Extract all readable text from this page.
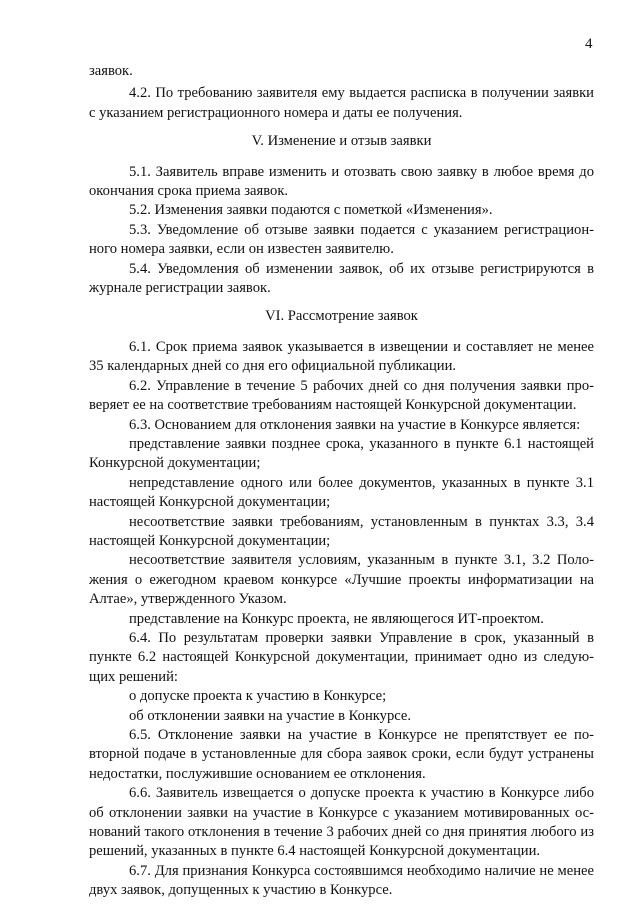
4

заявок.

4.2. По требованию заявителя ему выдается расписка в получении заявки с указанием регистрационного номера и даты ее получения.

V. Изменение и отзыв заявки

5.1. Заявитель вправе изменить и отозвать свою заявку в любое время до окончания срока приема заявок.

5.2. Изменения заявки подаются с пометкой «Изменения».

5.3. Уведомление об отзыве заявки подается с указанием регистрационного номера заявки, если он известен заявителю.

5.4. Уведомления об изменении заявок, об их отзыве регистрируются в журнале регистрации заявок.

VI. Рассмотрение заявок

6.1. Срок приема заявок указывается в извещении и составляет не менее 35 календарных дней со дня его официальной публикации.

6.2. Управление в течение 5 рабочих дней со дня получения заявки проверяет ее на соответствие требованиям настоящей Конкурсной документации.

6.3. Основанием для отклонения заявки на участие в Конкурсе является:

представление заявки позднее срока, указанного в пункте 6.1 настоящей Конкурсной документации;

непредставление одного или более документов, указанных в пункте 3.1 настоящей Конкурсной документации;

несоответствие заявки требованиям, установленным в пунктах 3.3, 3.4 настоящей Конкурсной документации;

несоответствие заявителя условиям, указанным в пункте 3.1, 3.2 Положения о ежегодном краевом конкурсе «Лучшие проекты информатизации на Алтае», утвержденного Указом.

представление на Конкурс проекта, не являющегося ИТ-проектом.

6.4. По результатам проверки заявки Управление в срок, указанный в пункте 6.2 настоящей Конкурсной документации, принимает одно из следующих решений:

о допуске проекта к участию в Конкурсе;

об отклонении заявки на участие в Конкурсе.

6.5. Отклонение заявки на участие в Конкурсе не препятствует ее повторной подаче в установленные для сбора заявок сроки, если будут устранены недостатки, послужившие основанием ее отклонения.

6.6. Заявитель извещается о допуске проекта к участию в Конкурсе либо об отклонении заявки на участие в Конкурсе с указанием мотивированных оснований такого отклонения в течение 3 рабочих дней со дня принятия любого из решений, указанных в пункте 6.4 настоящей Конкурсной документации.

6.7. Для признания Конкурса состоявшимся необходимо наличие не менее двух заявок, допущенных к участию в Конкурсе.
